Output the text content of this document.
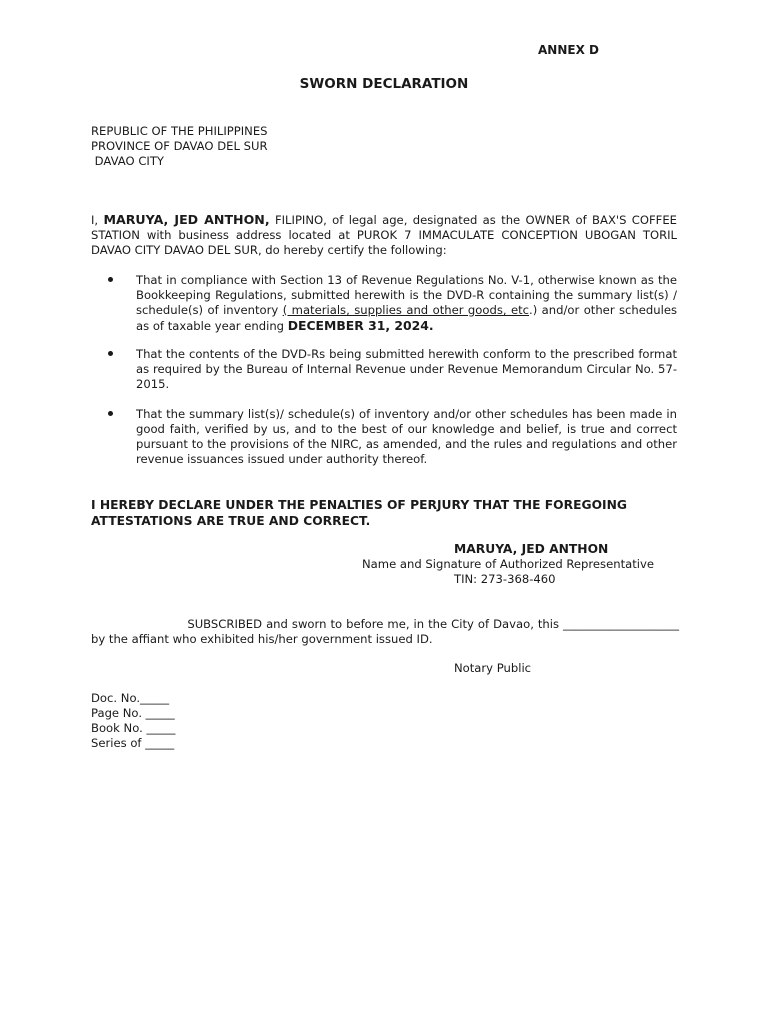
ANNEX D
SWORN DECLARATION
REPUBLIC OF THE PHILIPPINES
PROVINCE OF DAVAO DEL SUR
DAVAO CITY
I, MARUYA, JED ANTHON, FILIPINO, of legal age, designated as the OWNER of BAX'S COFFEE STATION with business address located at PUROK 7 IMMACULATE CONCEPTION UBOGAN TORIL DAVAO CITY DAVAO DEL SUR, do hereby certify the following:
That in compliance with Section 13 of Revenue Regulations No. V-1, otherwise known as the Bookkeeping Regulations, submitted herewith is the DVD-R containing the summary list(s) / schedule(s) of inventory ( materials, supplies and other goods, etc.) and/or other schedules as of taxable year ending DECEMBER 31, 2024.
That the contents of the DVD-Rs being submitted herewith conform to the prescribed format as required by the Bureau of Internal Revenue under Revenue Memorandum Circular No. 57-2015.
That the summary list(s)/ schedule(s) of inventory and/or other schedules has been made in good faith, verified by us, and to the best of our knowledge and belief, is true and correct pursuant to the provisions of the NIRC, as amended, and the rules and regulations and other revenue issuances issued under authority thereof.
I HEREBY DECLARE UNDER THE PENALTIES OF PERJURY THAT THE FOREGOING ATTESTATIONS ARE TRUE AND CORRECT.
MARUYA, JED ANTHON
Name and Signature of Authorized Representative
TIN: 273-368-460
SUBSCRIBED and sworn to before me, in the City of Davao, this ____________________ by the affiant who exhibited his/her government issued ID.
Notary Public
Doc. No._____
Page No. _____
Book No. _____
Series of _____
